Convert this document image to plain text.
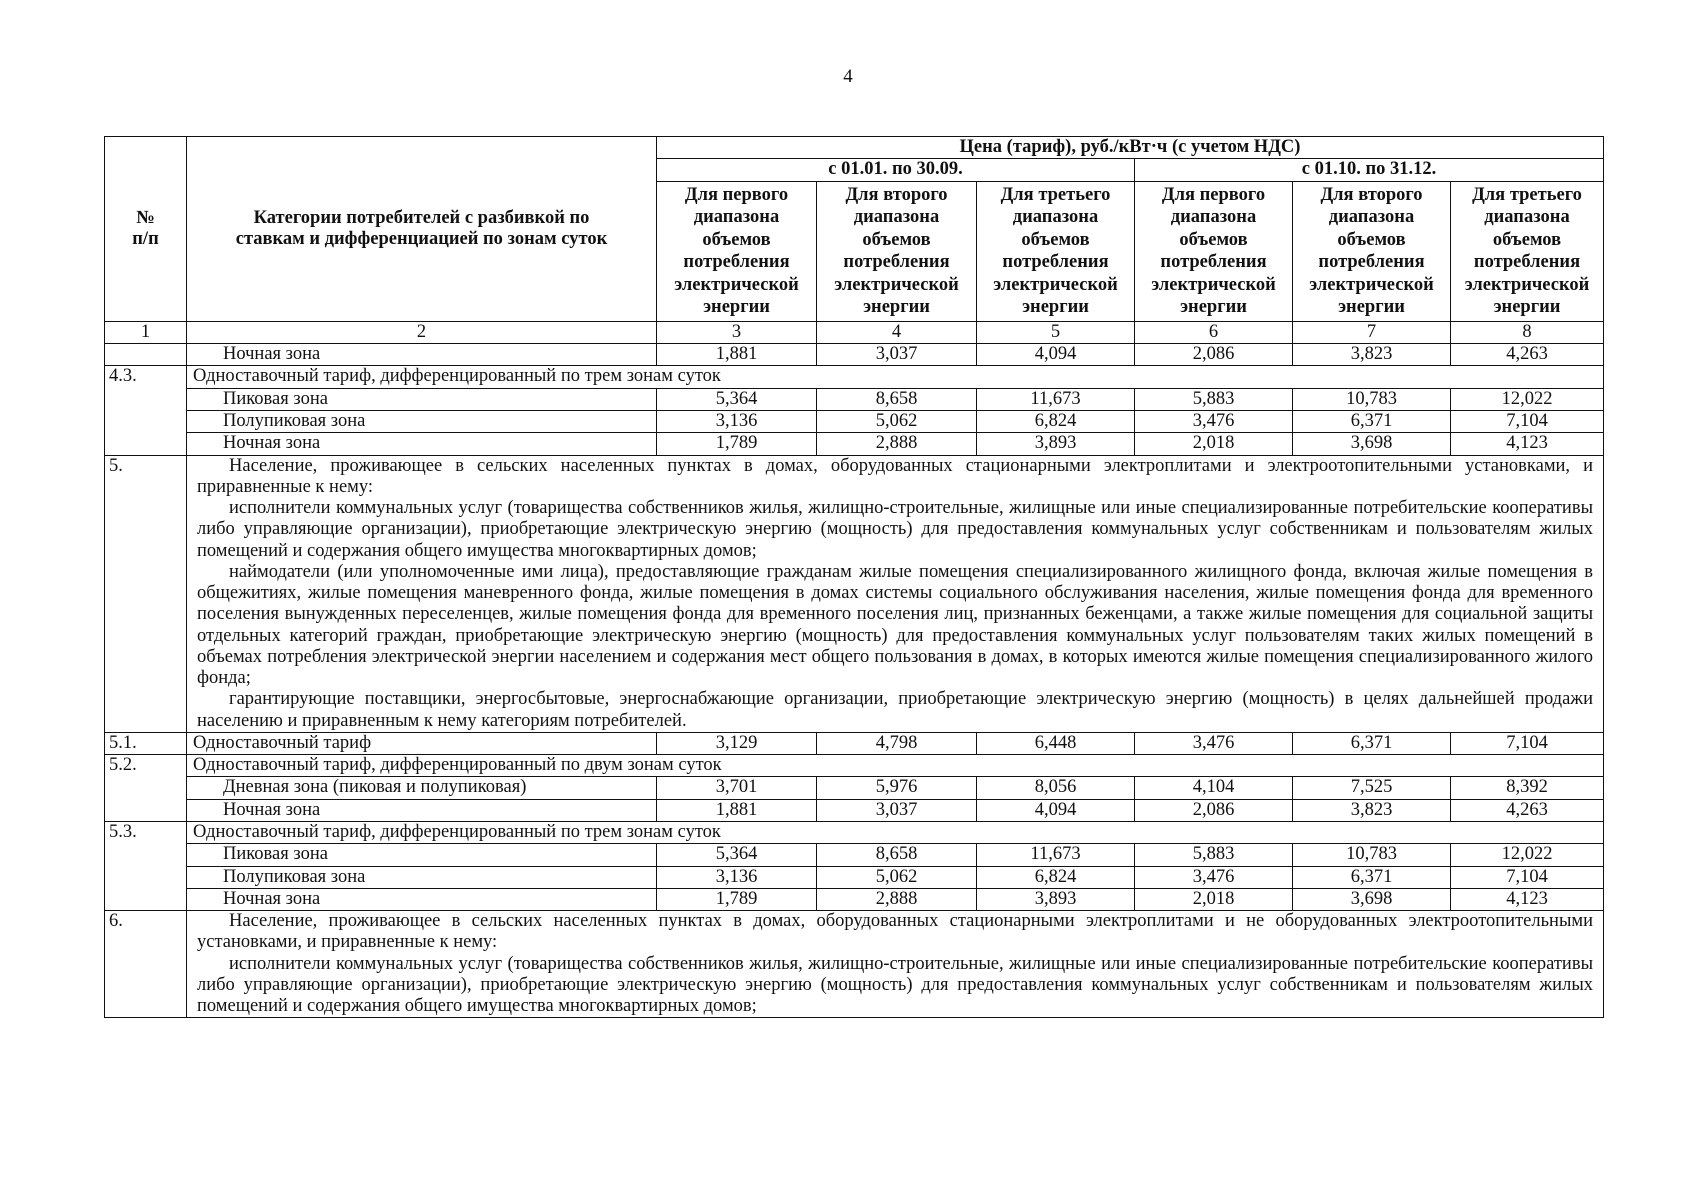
4
№
п/п	Категории потребителей с разбивкой по ставкам и дифференциацией по зонам суток	Цена (тариф), руб./кВт·ч (с учетом НДС)					
		с 01.01. по 30.09.			с 01.10. по 31.12.		
		Для первого диапазона объемов потребления электрической энергии	Для второго диапазона объемов потребления электрической энергии	Для третьего диапазона объемов потребления электрической энергии	Для первого диапазона объемов потребления электрической энергии	Для второго диапазона объемов потребления электрической энергии	Для третьего диапазона объемов потребления электрической энергии
1	2	3	4	5	6	7	8
	Ночная зона	1,881	3,037	4,094	2,086	3,823	4,263
4.3.	Одноставочный тариф, дифференцированный по трем зонам суток						
	Пиковая зона	5,364	8,658	11,673	5,883	10,783	12,022
	Полупиковая зона	3,136	5,062	6,824	3,476	6,371	7,104
	Ночная зона	1,789	2,888	3,893	2,018	3,698	4,123
5.	Население, проживающее в сельских населенных пунктах в домах, оборудованных стационарными электроплитами и электроотопительными установками, и приравненные к нему:

исполнители коммунальных услуг (товарищества собственников жилья, жилищно-строительные, жилищные или иные специализированные потребительские кооперативы либо управляющие организации), приобретающие электрическую энергию (мощность) для предоставления коммунальных услуг собственникам и пользователям жилых помещений и содержания общего имущества многоквартирных домов;

наймодатели (или уполномоченные ими лица), предоставляющие гражданам жилые помещения специализированного жилищного фонда, включая жилые помещения в общежитиях, жилые помещения маневренного фонда, жилые помещения в домах системы социального обслуживания населения, жилые помещения фонда для временного поселения вынужденных переселенцев, жилые помещения фонда для временного поселения лиц, признанных беженцами, а также жилые помещения для социальной защиты отдельных категорий граждан, приобретающие электрическую энергию (мощность) для предоставления коммунальных услуг пользователям таких жилых помещений в объемах потребления электрической энергии населением и содержания мест общего пользования в домах, в которых имеются жилые помещения специализированного жилого фонда;

гарантирующие поставщики, энергосбытовые, энергоснабжающие организации, приобретающие электрическую энергию (мощность) в целях дальнейшей продажи населению и приравненным к нему категориям потребителей.						

5.1.	Одноставочный тариф	3,129	4,798	6,448	3,476	6,371	7,104
5.2.	Одноставочный тариф, дифференцированный по двум зонам суток						
	Дневная зона (пиковая и полупиковая)	3,701	5,976	8,056	4,104	7,525	8,392
	Ночная зона	1,881	3,037	4,094	2,086	3,823	4,263
5.3.	Одноставочный тариф, дифференцированный по трем зонам суток						
	Пиковая зона	5,364	8,658	11,673	5,883	10,783	12,022
	Полупиковая зона	3,136	5,062	6,824	3,476	6,371	7,104
	Ночная зона	1,789	2,888	3,893	2,018	3,698	4,123
6.	Население, проживающее в сельских населенных пунктах в домах, оборудованных стационарными электроплитами и не оборудованных электроотопительными установками, и приравненные к нему:

исполнители коммунальных услуг (товарищества собственников жилья, жилищно-строительные, жилищные или иные специализированные потребительские кооперативы либо управляющие организации), приобретающие электрическую энергию (мощность) для предоставления коммунальных услуг собственникам и пользователям жилых помещений и содержания общего имущества многоквартирных домов;						
